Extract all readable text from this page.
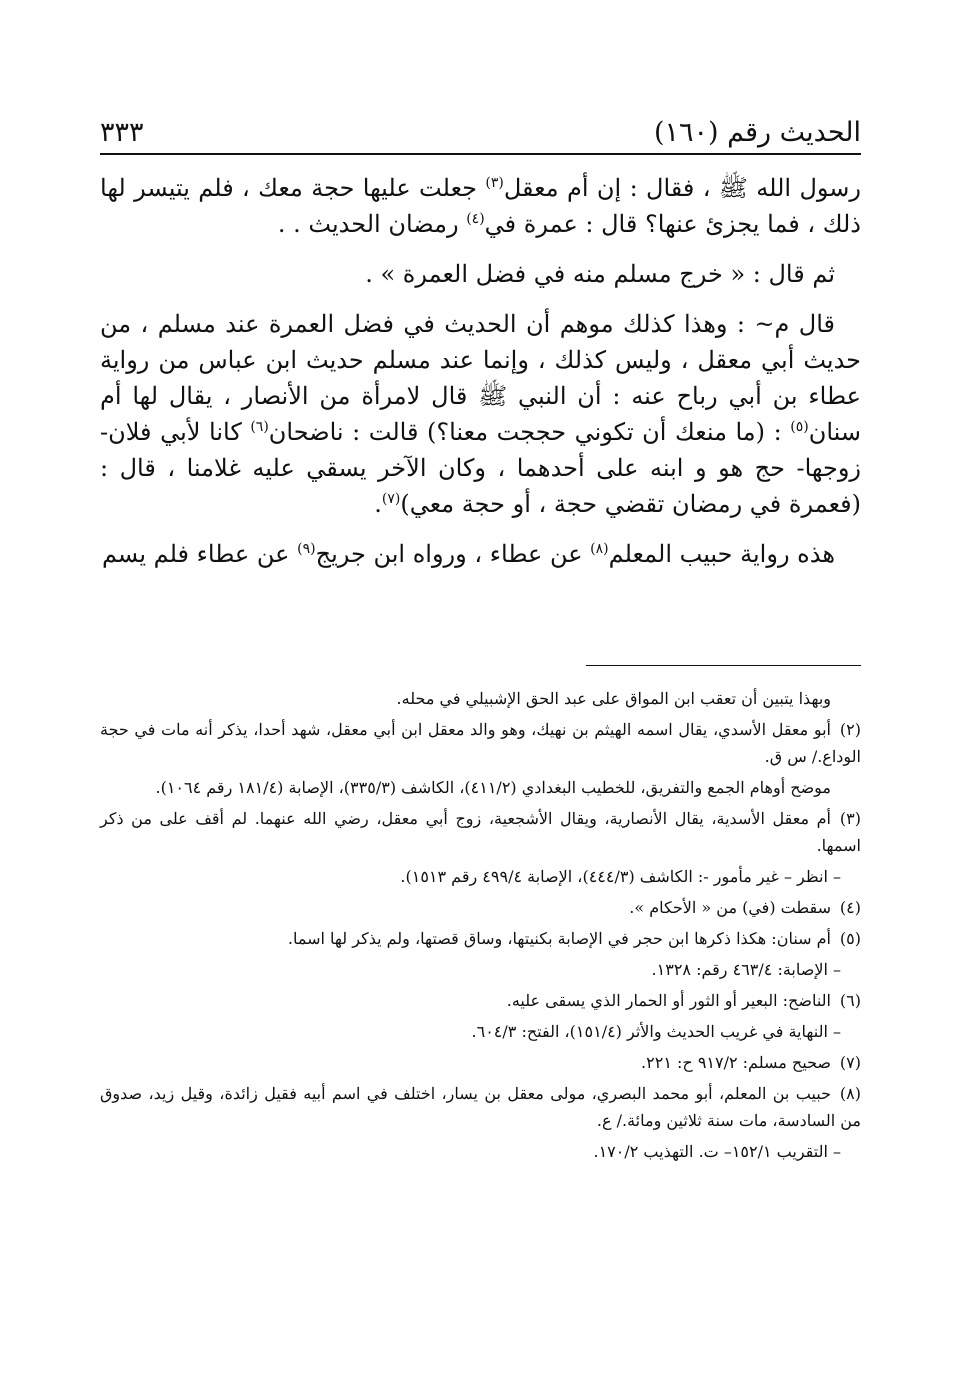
الحديث رقم (١٦٠)
٣٣٣

رسول الله ﷺ ، فقال : إن أم معقل$^{(٣)}$ جعلت عليها حجة معك ، فلم يتيسر لها ذلك ، فما يجزئ عنها؟ قال : عمرة في$^{(٤)}$ رمضان الحديث . .

ثم قال : « خرج مسلم منه في فضل العمرة » .

قال م~ : وهذا كذلك موهم أن الحديث في فضل العمرة عند مسلم ، من حديث أبي معقل ، وليس كذلك ، وإنما عند مسلم حديث ابن عباس من رواية عطاء بن أبي رباح عنه : أن النبي ﷺ قال لامرأة من الأنصار ، يقال لها أم سنان$^{(٥)}$ : (ما منعك أن تكوني حججت معنا؟) قالت : ناضحان$^{(٦)}$ كانا لأبي فلان- زوجها- حج هو و ابنه على أحدهما ، وكان الآخر يسقي عليه غلامنا ، قال : (فعمرة في رمضان تقضي حجة ، أو حجة معي)$^{(٧)}$.

هذه رواية حبيب المعلم$^{(٨)}$ عن عطاء ، ورواه ابن جريج$^{(٩)}$ عن عطاء فلم يسم

وبهذا يتبين أن تعقب ابن المواق على عبد الحق الإشبيلي في محله.

(٢)أبو معقل الأسدي، يقال اسمه الهيثم بن نهيك، وهو والد معقل ابن أبي معقل، شهد أحدا، يذكر أنه مات في حجة الوداع./ س ق.

موضح أوهام الجمع والتفريق، للخطيب البغدادي (٤١١/٢)، الكاشف (٣٣٥/٣)، الإصابة (١٨١/٤ رقم ١٠٦٤).

(٣)أم معقل الأسدية، يقال الأنصارية، ويقال الأشجعية، زوج أبي معقل، رضي الله عنهما. لم أقف على من ذكر اسمها.

– انظر – غير مأمور -: الكاشف (٤٤٤/٣)، الإصابة ٤٩٩/٤ رقم ١٥١٣).

(٤)سقطت (في) من « الأحكام ».

(٥)أم سنان: هكذا ذكرها ابن حجر في الإصابة بكنيتها، وساق قصتها، ولم يذكر لها اسما.

– الإصابة: ٤٦٣/٤ رقم: ١٣٢٨.

(٦)الناضح: البعير أو الثور أو الحمار الذي يسقى عليه.

– النهاية في غريب الحديث والأثر (١٥١/٤)، الفتح: ٦٠٤/٣.

(٧)صحيح مسلم: ٩١٧/٢ ح: ٢٢١.

(٨)حبيب بن المعلم، أبو محمد البصري، مولى معقل بن يسار، اختلف في اسم أبيه فقيل زائدة، وقيل زيد، صدوق من السادسة، مات سنة ثلاثين ومائة./ ع.

– التقريب ١٥٢/١– ت. التهذيب ١٧٠/٢.
